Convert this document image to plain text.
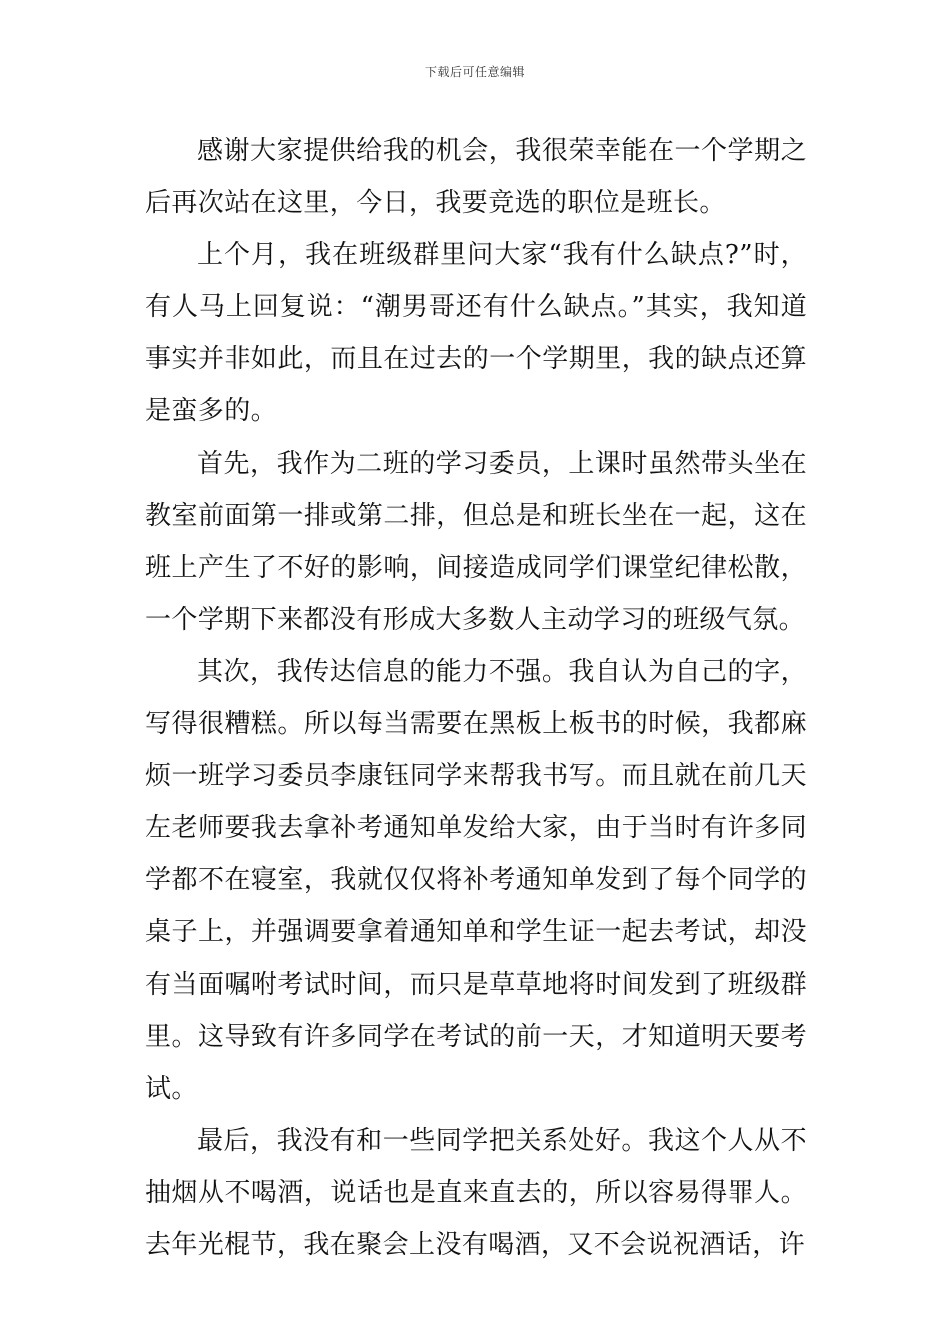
下载后可任意编辑

感谢大家提供给我的机会，我很荣幸能在一个学期之后再次站在这里，今日，我要竞选的职位是班长。

上个月，我在班级群里问大家“我有什么缺点?”时，有人马上回复说：“潮男哥还有什么缺点。”其实，我知道事实并非如此，而且在过去的一个学期里，我的缺点还算是蛮多的。

首先，我作为二班的学习委员，上课时虽然带头坐在教室前面第一排或第二排，但总是和班长坐在一起，这在班上产生了不好的影响，间接造成同学们课堂纪律松散，一个学期下来都没有形成大多数人主动学习的班级气氛。

其次，我传达信息的能力不强。我自认为自己的字，写得很糟糕。所以每当需要在黑板上板书的时候，我都麻烦一班学习委员李康钰同学来帮我书写。而且就在前几天左老师要我去拿补考通知单发给大家，由于当时有许多同学都不在寝室，我就仅仅将补考通知单发到了每个同学的桌子上，并强调要拿着通知单和学生证一起去考试，却没有当面嘱咐考试时间，而只是草草地将时间发到了班级群里。这导致有许多同学在考试的前一天，才知道明天要考试。

最后，我没有和一些同学把关系处好。我这个人从不抽烟从不喝酒，说话也是直来直去的，所以容易得罪人。去年光棍节，我在聚会上没有喝酒，又不会说祝酒话，许
